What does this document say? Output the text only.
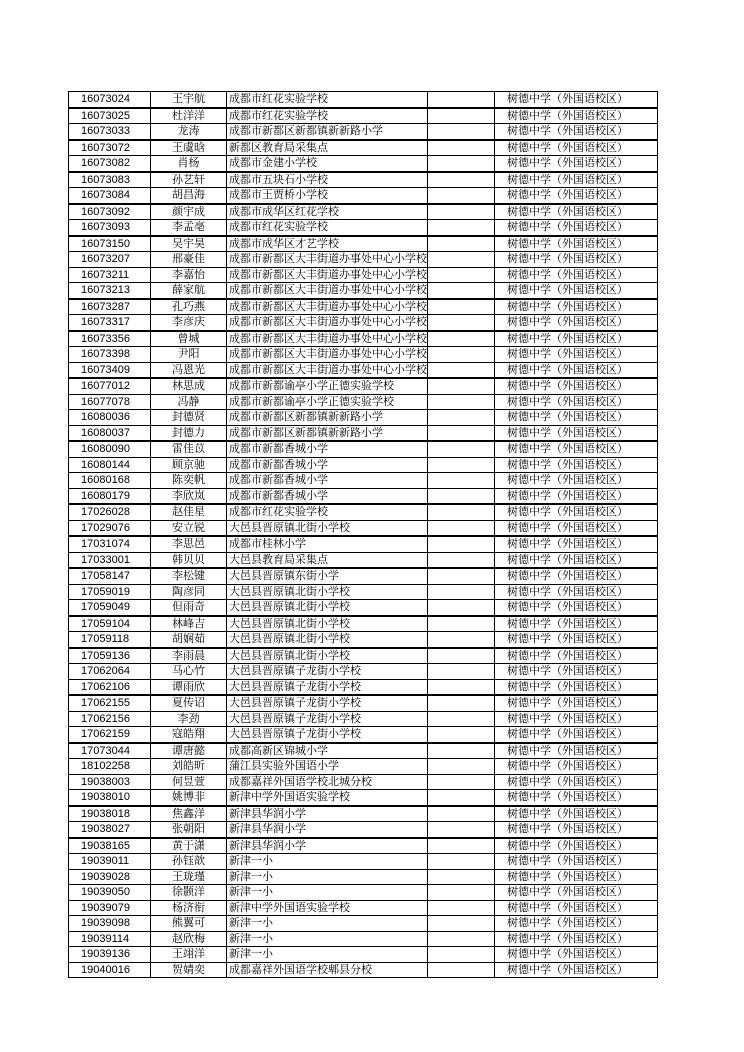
16073024	王宇航	成都市红花实验学校		树德中学（外国语校区）
16073025	杜洋洋	成都市红花实验学校		树德中学（外国语校区）
16073033	龙涛	成都市新都区新都镇新新路小学		树德中学（外国语校区）
16073072	王虞晗	新都区教育局采集点		树德中学（外国语校区）
16073082	肖杨	成都市金建小学校		树德中学（外国语校区）
16073083	孙艺轩	成都市五块石小学校		树德中学（外国语校区）
16073084	胡昌海	成都市王贾桥小学校		树德中学（外国语校区）
16073092	颜宇成	成都市成华区红花学校		树德中学（外国语校区）
16073093	李孟亳	成都市红花实验学校		树德中学（外国语校区）
16073150	吴宇昊	成都市成华区才艺学校		树德中学（外国语校区）
16073207	邢豪佳	成都市新都区大丰街道办事处中心小学校		树德中学（外国语校区）
16073211	李嘉怡	成都市新都区大丰街道办事处中心小学校		树德中学（外国语校区）
16073213	薛家航	成都市新都区大丰街道办事处中心小学校		树德中学（外国语校区）
16073287	孔巧燕	成都市新都区大丰街道办事处中心小学校		树德中学（外国语校区）
16073317	李彦庆	成都市新都区大丰街道办事处中心小学校		树德中学（外国语校区）
16073356	曾城	成都市新都区大丰街道办事处中心小学校		树德中学（外国语校区）
16073398	尹阳	成都市新都区大丰街道办事处中心小学校		树德中学（外国语校区）
16073409	冯恩光	成都市新都区大丰街道办事处中心小学校		树德中学（外国语校区）
16077012	林思成	成都市新都谕亭小学正德实验学校		树德中学（外国语校区）
16077078	冯静	成都市新都谕亭小学正德实验学校		树德中学（外国语校区）
16080036	封德贤	成都市新都区新都镇新新路小学		树德中学（外国语校区）
16080037	封德力	成都市新都区新都镇新新路小学		树德中学（外国语校区）
16080090	雷佳苡	成都市新都香城小学		树德中学（外国语校区）
16080144	顾京驰	成都市新都香城小学		树德中学（外国语校区）
16080168	陈奕帆	成都市新都香城小学		树德中学（外国语校区）
16080179	李欣岚	成都市新都香城小学		树德中学（外国语校区）
17026028	赵佳星	成都市红花实验学校		树德中学（外国语校区）
17029076	安立锐	大邑县晋原镇北街小学校		树德中学（外国语校区）
17031074	李思邑	成都市桂林小学		树德中学（外国语校区）
17033001	韩贝贝	大邑县教育局采集点		树德中学（外国语校区）
17058147	李松键	大邑县晋原镇东街小学		树德中学（外国语校区）
17059019	陶彦同	大邑县晋原镇北街小学校		树德中学（外国语校区）
17059049	但雨奇	大邑县晋原镇北街小学校		树德中学（外国语校区）
17059104	林峰吉	大邑县晋原镇北街小学校		树德中学（外国语校区）
17059118	胡娴茹	大邑县晋原镇北街小学校		树德中学（外国语校区）
17059136	李雨晨	大邑县晋原镇北街小学校		树德中学（外国语校区）
17062064	马心竹	大邑县晋原镇子龙街小学校		树德中学（外国语校区）
17062106	谭雨欣	大邑县晋原镇子龙街小学校		树德中学（外国语校区）
17062155	夏传诏	大邑县晋原镇子龙街小学校		树德中学（外国语校区）
17062156	李劲	大邑县晋原镇子龙街小学校		树德中学（外国语校区）
17062159	寇皓翔	大邑县晋原镇子龙街小学校		树德中学（外国语校区）
17073044	谭唐懿	成都高新区锦城小学		树德中学（外国语校区）
18102258	刘皓昕	蒲江县实验外国语小学		树德中学（外国语校区）
19038003	何昱萱	成都嘉祥外国语学校北城分校		树德中学（外国语校区）
19038010	姚博非	新津中学外国语实验学校		树德中学（外国语校区）
19038018	焦鑫洋	新津县华润小学		树德中学（外国语校区）
19038027	张朝阳	新津县华润小学		树德中学（外国语校区）
19038165	黄于潇	新津县华润小学		树德中学（外国语校区）
19039011	孙钰歆	新津一小		树德中学（外国语校区）
19039028	王珑瑾	新津一小		树德中学（外国语校区）
19039050	徐颢洋	新津一小		树德中学（外国语校区）
19039079	杨济衔	新津中学外国语实验学校		树德中学（外国语校区）
19039098	熊翼可	新津一小		树德中学（外国语校区）
19039114	赵欣梅	新津一小		树德中学（外国语校区）
19039136	王翊洋	新津一小		树德中学（外国语校区）
19040016	贺婧奕	成都嘉祥外国语学校郫县分校		树德中学（外国语校区）
